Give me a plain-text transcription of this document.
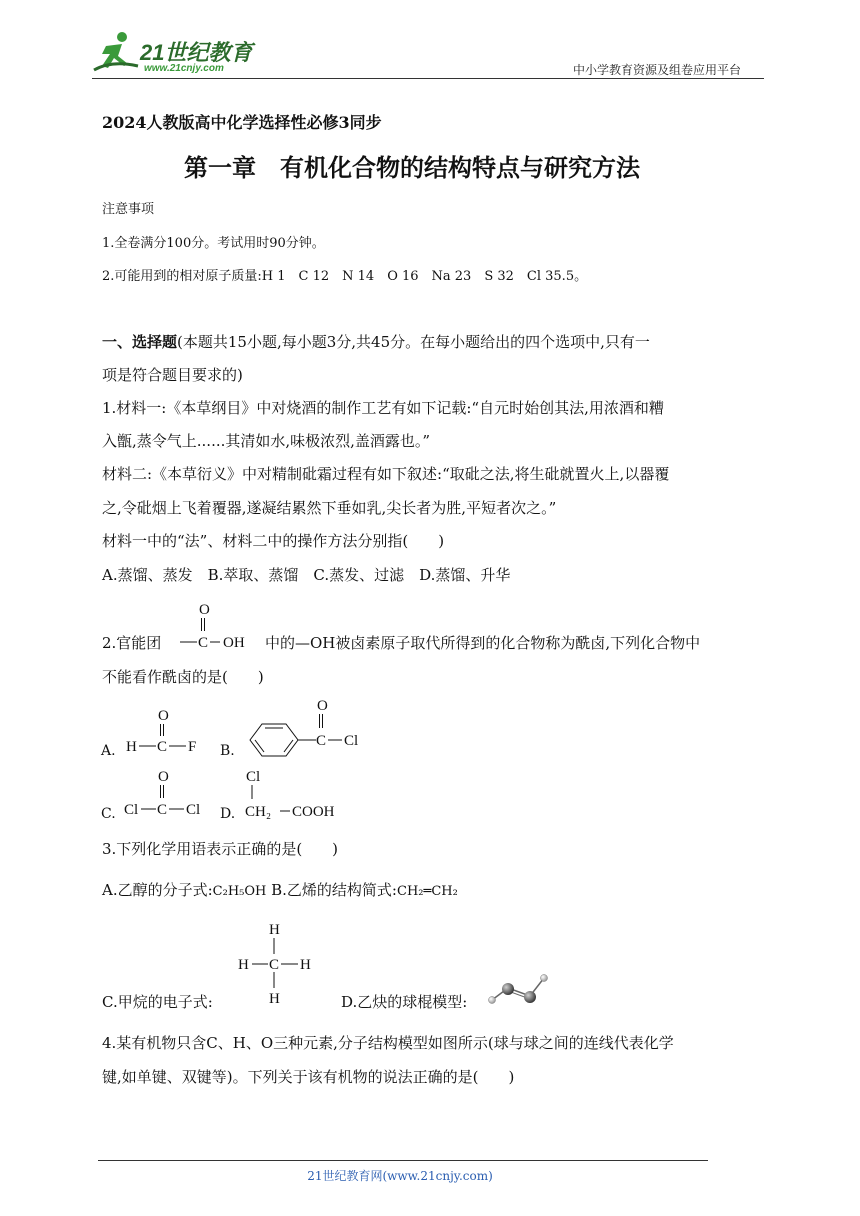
21世纪教育
www.21cnjy.com	中小学教育资源及组卷应用平台
2024人教版高中化学选择性必修3同步
第一章　有机化合物的结构特点与研究方法
注意事项
1.全卷满分100分。考试用时90分钟。
2.可能用到的相对原子质量:H 1　C 12　N 14　O 16　Na 23　S 32　Cl 35.5。
一、选择题(本题共15小题,每小题3分,共45分。在每小题给出的四个选项中,只有一
项是符合题目要求的)
1.材料一:《本草纲目》中对烧酒的制作工艺有如下记载:“自元时始创其法,用浓酒和糟
入甑,蒸令气上......其清如水,味极浓烈,盖酒露也。”
材料二:《本草衍义》中对精制砒霜过程有如下叙述:“取砒之法,将生砒就置火上,以器覆
之,令砒烟上飞着覆器,遂凝结累然下垂如乳,尖长者为胜,平短者次之。”
材料一中的“法”、材料二中的操作方法分别指(　　)
A.蒸馏、蒸发　B.萃取、蒸馏　C.蒸发、过滤　D.蒸馏、升华
2.官能团
O
C OH 中的—OH被卤素原子取代所得到的化合物称为酰卤,下列化合物中
不能看作酰卤的是(　　)
A.
O
H C F B.
O
C Cl
C.
O
Cl C Cl D.
Cl
CH₂ COOH
3.下列化学用语表示正确的是(　　)
A.乙醇的分子式:C₂H₅OH B.乙烯的结构简式:CH₂═CH₂
C.甲烷的电子式:
H
H C H
H	D.乙炔的球棍模型:
4.某有机物只含C、H、O三种元素,分子结构模型如图所示(球与球之间的连线代表化学
键,如单键、双键等)。下列关于该有机物的说法正确的是(　　)
21世纪教育网(www.21cnjy.com)
